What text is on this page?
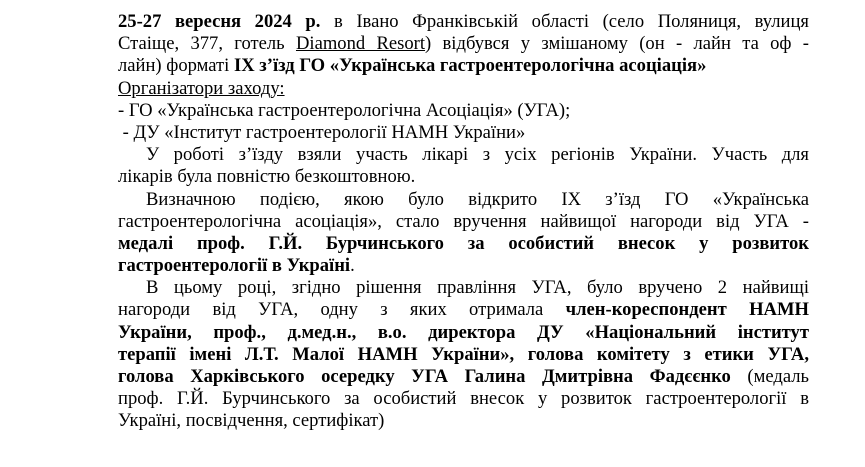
25-27 вересня 2024 р. в Івано Франківській області (село Поляниця, вулиця
Стаіще, 377, готель Diamond Resort) відбувся у змішаному (он - лайн та оф -
лайн) форматі IX з’їзд ГО «Українська гастроентерологічна асоціація»
Організатори заходу:
- ГО «Українська гастроентерологічна Асоціація» (УГА);
- ДУ «Інститут гастроентерології НАМН України»
У роботі з’їзду взяли участь лікарі з усіх регіонів України. Участь для
лікарів була повністю безкоштовною.
Визначною подією, якою було відкрито IX з’їзд ГО «Українська
гастроентерологічна асоціація», стало вручення найвищої нагороди від УГА -
медалі проф. Г.Й. Бурчинського за особистий внесок у розвиток
гастроентерології в Україні.
В цьому році, згідно рішення правління УГА, було вручено 2 найвищі
нагороди від УГА, одну з яких отримала член-кореспондент НАМН
України, проф., д.мед.н., в.о. директора ДУ «Національний інститут
терапії імені Л.Т. Малої НАМН України», голова комітету з етики УГА,
голова Харківського осередку УГА Галина Дмитрівна Фадєєнко (медаль
проф. Г.Й. Бурчинського за особистий внесок у розвиток гастроентерології в
Україні, посвідчення, сертифікат)
